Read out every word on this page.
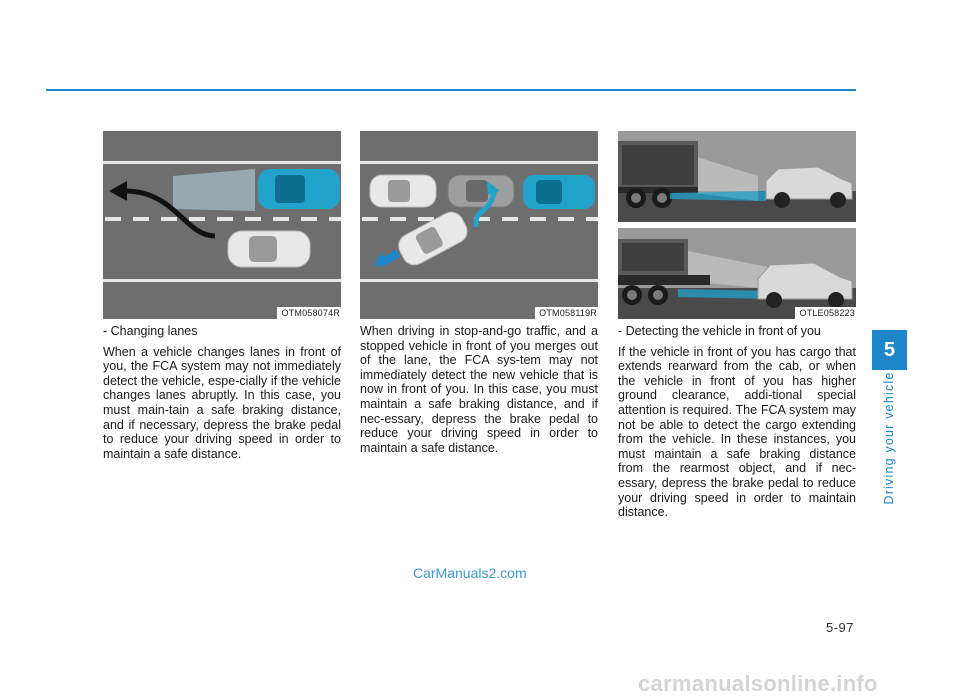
OTM058074R

- Changing lanes

When a vehicle changes lanes in front of you, the FCA system may not immediately detect the vehicle, espe-cially if the vehicle changes lanes abruptly. In this case, you must main-tain a safe braking distance, and if necessary, depress the brake pedal to reduce your driving speed in order to maintain a safe distance.

OTM058119R

When driving in stop-and-go traffic, and a stopped vehicle in front of you merges out of the lane, the FCA sys-tem may not immediately detect the new vehicle that is now in front of you. In this case, you must maintain a safe braking distance, and if nec-essary, depress the brake pedal to reduce your driving speed in order to maintain a safe distance.

OTLE058223

- Detecting the vehicle in front of you

If the vehicle in front of you has cargo that extends rearward from the cab, or when the vehicle in front of you has higher ground clearance, addi-tional special attention is required. The FCA system may not be able to detect the cargo extending from the vehicle. In these instances, you must maintain a safe braking distance from the rearmost object, and if nec-essary, depress the brake pedal to reduce your driving speed in order to maintain distance.

5
Driving your vehicle
5-97
CarManuals2.com
carmanualsonline.info
